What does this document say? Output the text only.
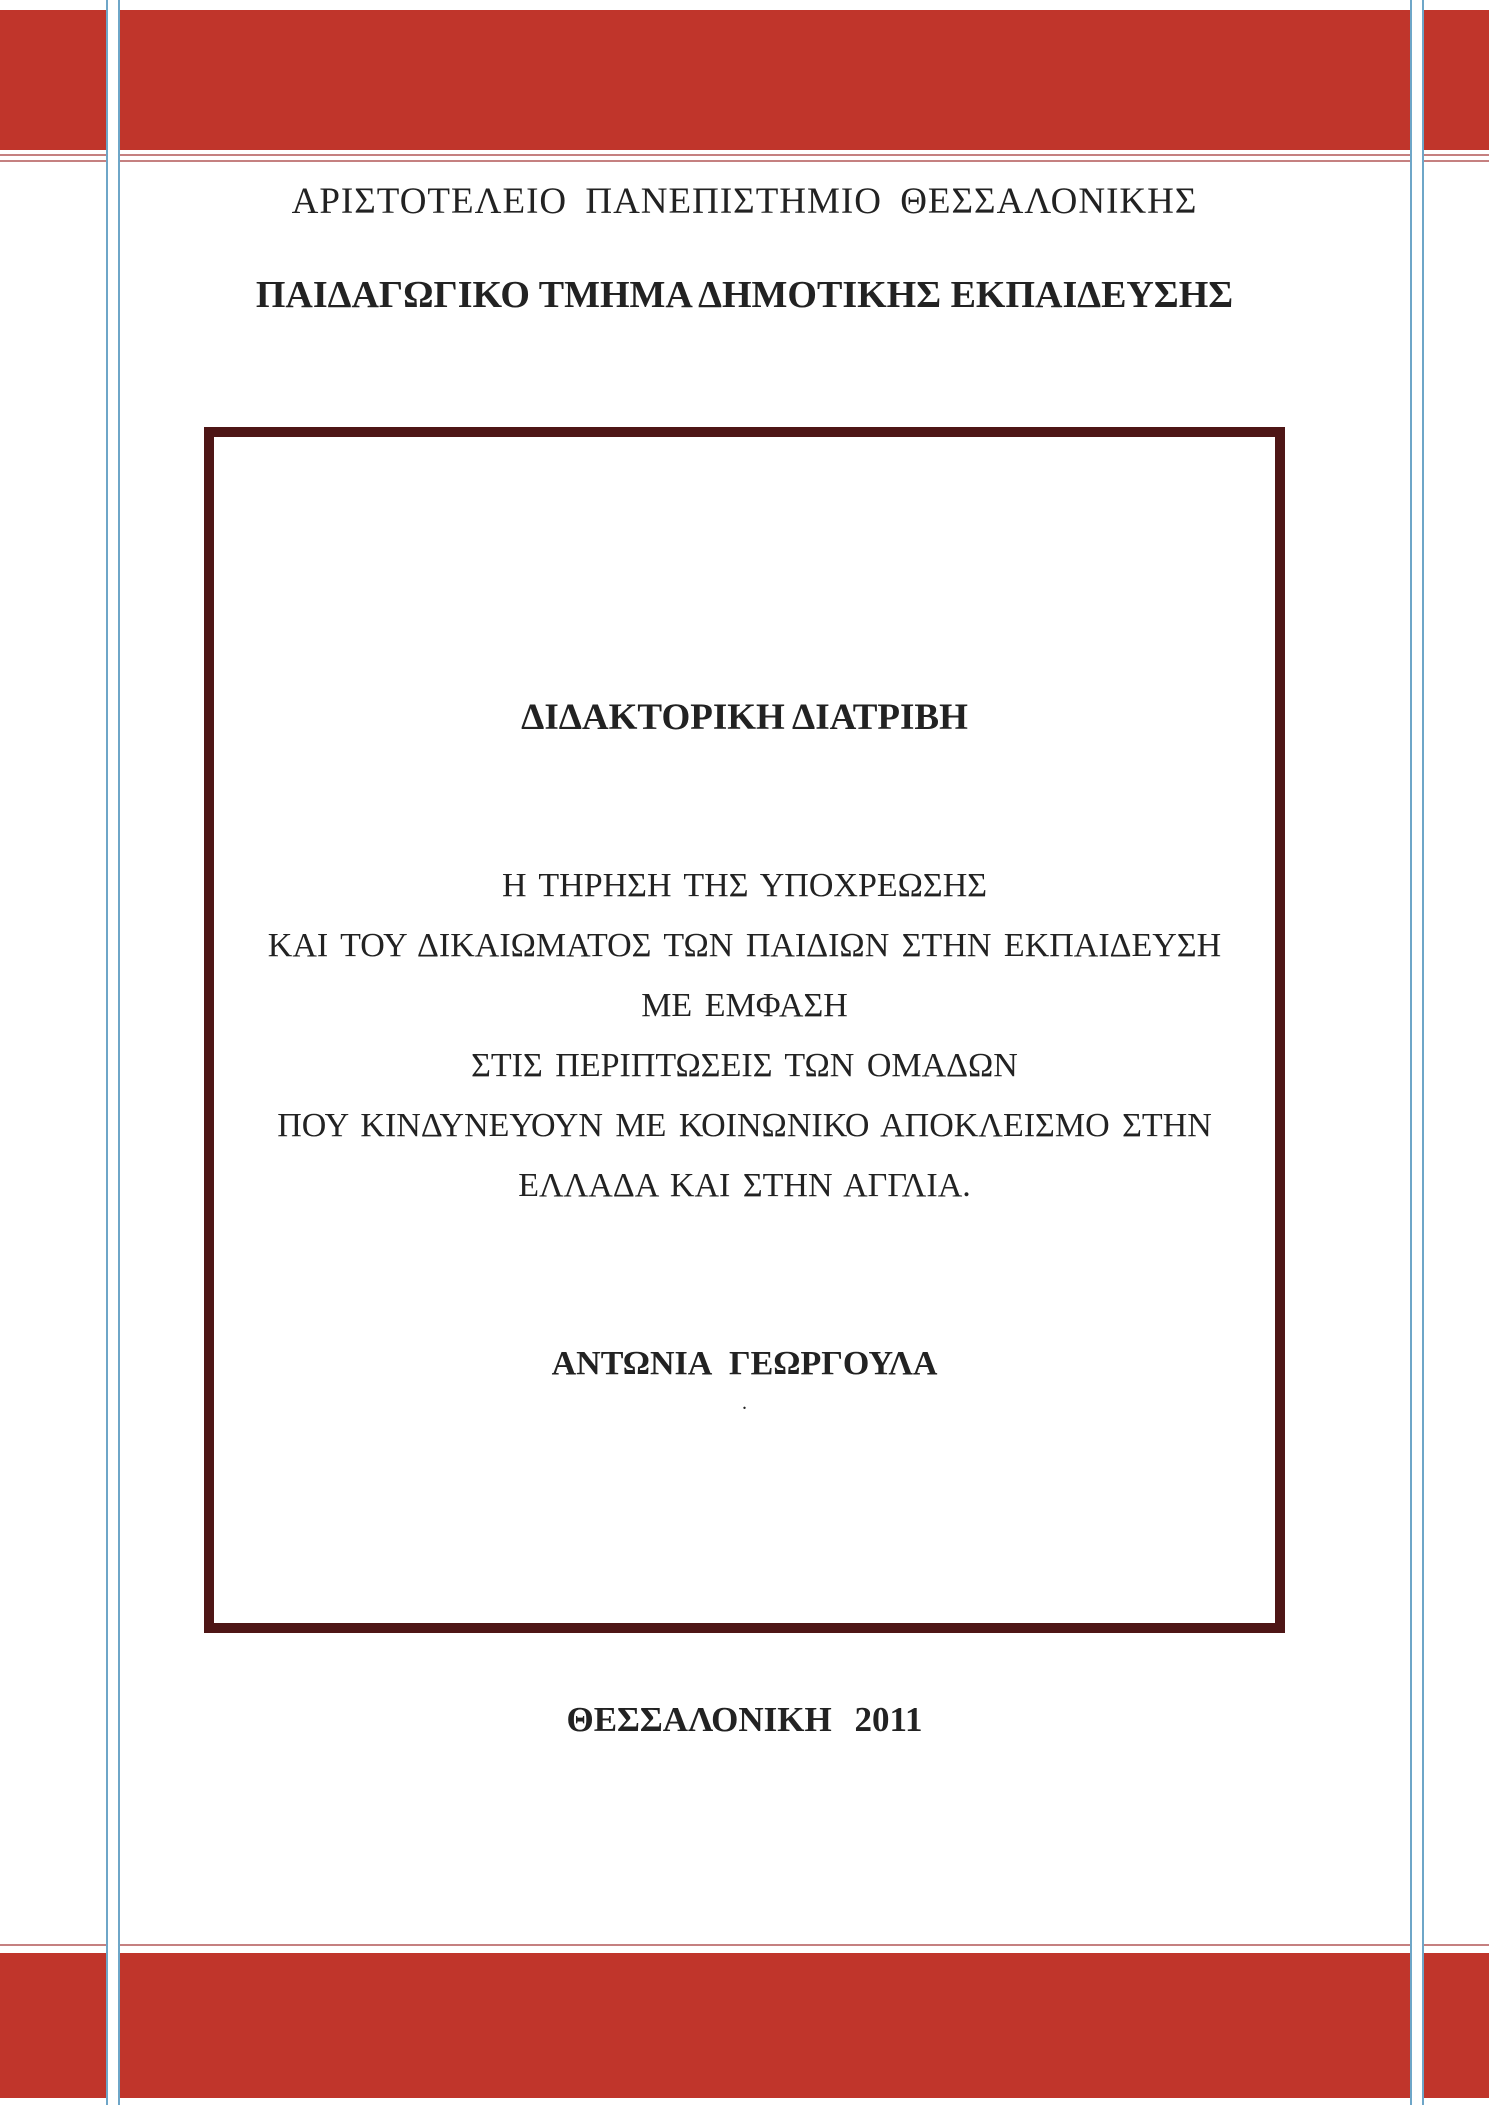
ΑΡΙΣΤΟΤΕΛΕΙΟ ΠΑΝΕΠΙΣΤΗΜΙΟ ΘΕΣΣΑΛΟΝΙΚΗΣ
ΠΑΙΔΑΓΩΓΙΚΟ ΤΜΗΜΑ ΔΗΜΟΤΙΚΗΣ ΕΚΠΑΙΔΕΥΣΗΣ
ΔΙΔΑΚΤΟΡΙΚΗ ΔΙΑΤΡΙΒΗ
Η ΤΗΡΗΣΗ ΤΗΣ ΥΠΟΧΡΕΩΣΗΣ
ΚΑΙ ΤΟΥ ΔΙΚΑΙΩΜΑΤΟΣ ΤΩΝ ΠΑΙΔΙΩΝ ΣΤΗΝ ΕΚΠΑΙΔΕΥΣΗ
ΜΕ ΕΜΦΑΣΗ
ΣΤΙΣ ΠΕΡΙΠΤΩΣΕΙΣ ΤΩΝ ΟΜΑΔΩΝ
ΠΟΥ ΚΙΝΔΥΝΕΥΟΥΝ ΜΕ ΚΟΙΝΩΝΙΚΟ ΑΠΟΚΛΕΙΣΜΟ ΣΤΗΝ
ΕΛΛΑΔΑ ΚΑΙ ΣΤΗΝ ΑΓΓΛΙΑ.
ΑΝΤΩΝΙΑ ΓΕΩΡΓΟΥΛΑ
.
ΘΕΣΣΑΛΟΝΙΚΗ 2011
